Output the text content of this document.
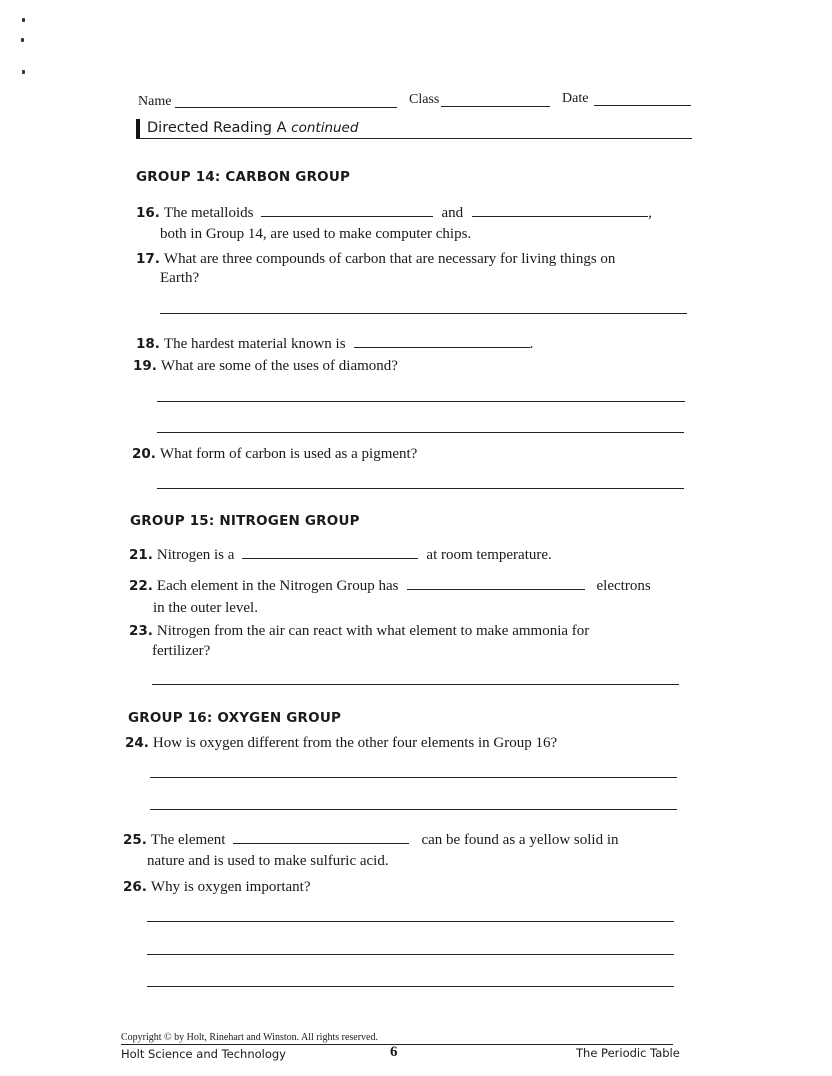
Name	Class	Date
Directed Reading A continued
GROUP 14: CARBON GROUP
16. The metalloids	and	,
both in Group 14, are used to make computer chips.
17. What are three compounds of carbon that are necessary for living things on
Earth?
18. The hardest material known is	.
19. What are some of the uses of diamond?
20. What form of carbon is used as a pigment?
GROUP 15: NITROGEN GROUP
21. Nitrogen is a	at room temperature.
22. Each element in the Nitrogen Group has	electrons
in the outer level.
23. Nitrogen from the air can react with what element to make ammonia for
fertilizer?
GROUP 16: OXYGEN GROUP
24. How is oxygen different from the other four elements in Group 16?
25. The element	can be found as a yellow solid in
nature and is used to make sulfuric acid.
26. Why is oxygen important?
Copyright © by Holt, Rinehart and Winston. All rights reserved.
Holt Science and Technology	6	The Periodic Table
